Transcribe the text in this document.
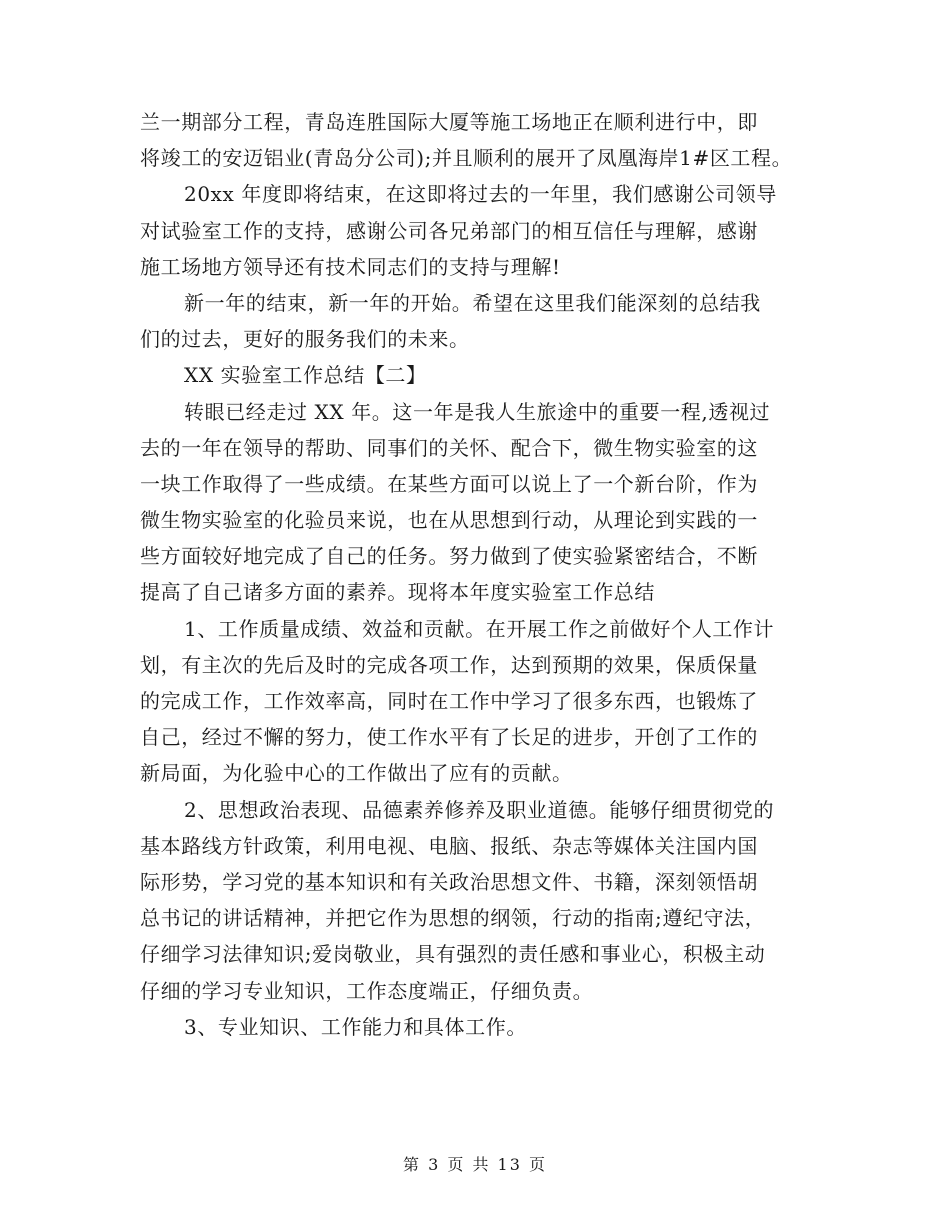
兰一期部分工程，青岛连胜国际大厦等施工场地正在顺利进行中，即
将竣工的安迈铝业(青岛分公司);并且顺利的展开了凤凰海岸1#区工程。
20xx 年度即将结束，在这即将过去的一年里，我们感谢公司领导
对试验室工作的支持，感谢公司各兄弟部门的相互信任与理解，感谢
施工场地方领导还有技术同志们的支持与理解!
新一年的结束，新一年的开始。希望在这里我们能深刻的总结我
们的过去，更好的服务我们的未来。
XX 实验室工作总结【二】
转眼已经走过 XX 年。这一年是我人生旅途中的重要一程,透视过
去的一年在领导的帮助、同事们的关怀、配合下，微生物实验室的这
一块工作取得了一些成绩。在某些方面可以说上了一个新台阶，作为
微生物实验室的化验员来说，也在从思想到行动，从理论到实践的一
些方面较好地完成了自己的任务。努力做到了使实验紧密结合，不断
提高了自己诸多方面的素养。现将本年度实验室工作总结
1、工作质量成绩、效益和贡献。在开展工作之前做好个人工作计
划，有主次的先后及时的完成各项工作，达到预期的效果，保质保量
的完成工作，工作效率高，同时在工作中学习了很多东西，也锻炼了
自己，经过不懈的努力，使工作水平有了长足的进步，开创了工作的
新局面，为化验中心的工作做出了应有的贡献。
2、思想政治表现、品德素养修养及职业道德。能够仔细贯彻党的
基本路线方针政策，利用电视、电脑、报纸、杂志等媒体关注国内国
际形势，学习党的基本知识和有关政治思想文件、书籍，深刻领悟胡
总书记的讲话精神，并把它作为思想的纲领，行动的指南;遵纪守法，
仔细学习法律知识;爱岗敬业，具有强烈的责任感和事业心，积极主动
仔细的学习专业知识，工作态度端正，仔细负责。
3、专业知识、工作能力和具体工作。
第 3 页 共 13 页
